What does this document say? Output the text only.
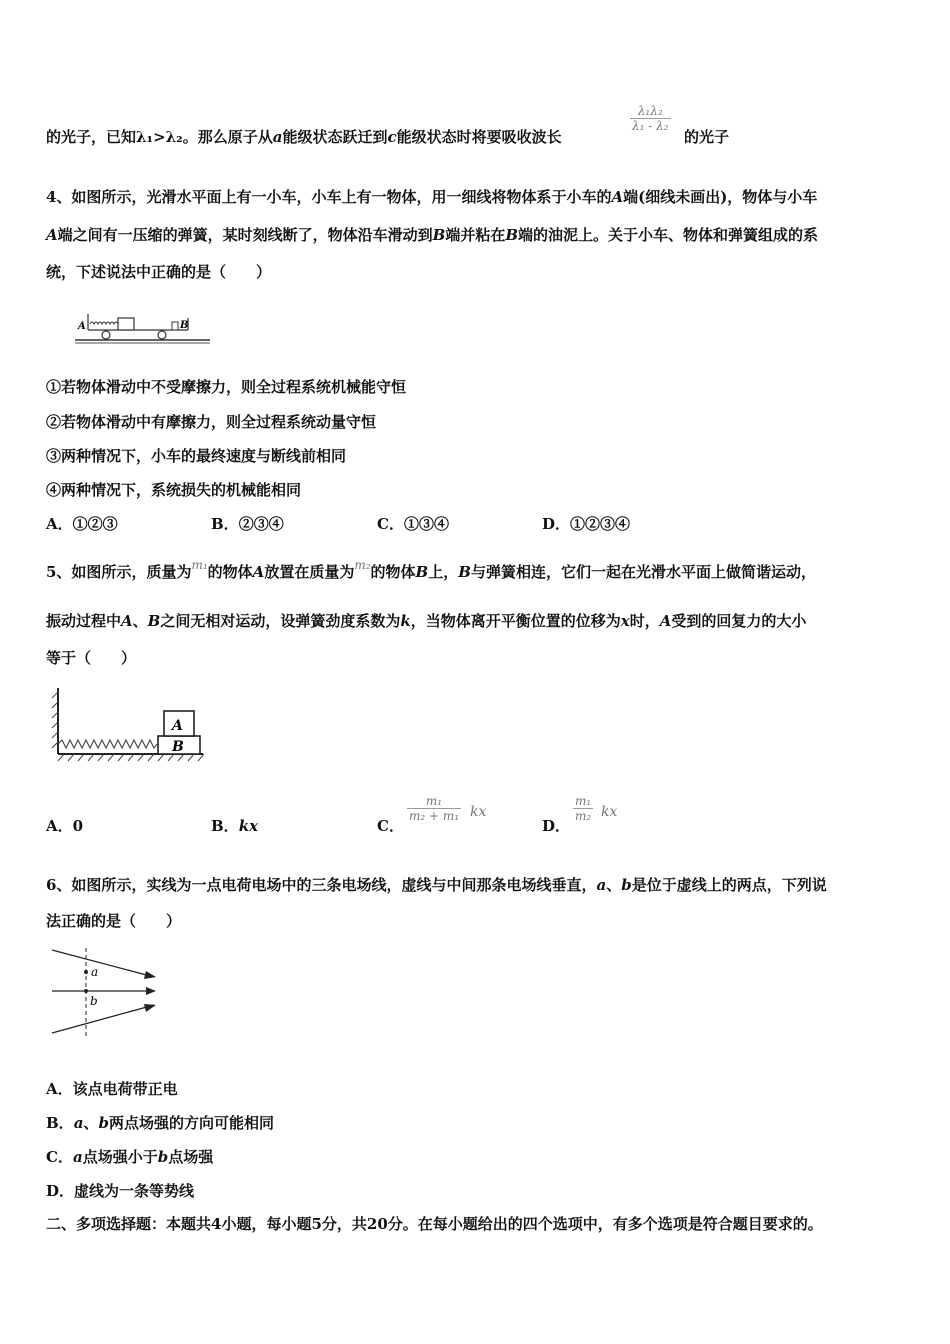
的光子，已知λ₁>λ₂。那么原子从a能级状态跃迁到c能级状态时将要吸收波长
$\frac{\text{λ₁λ₂}}{\text{λ₁ - λ₂}}$
的光子
4、如图所示，光滑水平面上有一小车，小车上有一物体，用一细线将物体系于小车的A端(细线未画出)，物体与小车
A端之间有一压缩的弹簧，某时刻线断了，物体沿车滑动到B端并粘在B端的油泥上。关于小车、物体和弹簧组成的系
统，下述说法中正确的是（　　）
A	B
①若物体滑动中不受摩擦力，则全过程系统机械能守恒
②若物体滑动中有摩擦力，则全过程系统动量守恒
③两种情况下，小车的最终速度与断线前相同
④两种情况下，系统损失的机械能相同
A．①②③	B．②③④	C．①③④	D．①②③④
5、如图所示，质量为$^{m_1}$的物体A放置在质量为$^{m_2}$的物体B上，B与弹簧相连，它们一起在光滑水平面上做简谐运动，
振动过程中A、B之间无相对运动，设弹簧劲度系数为k，当物体离开平衡位置的位移为x时，A受到的回复力的大小
等于（　　）
A
B
A．0	B．kx	C．
$\frac{\text{m₁}}{\text{m₂ + m₁}}$ kx
D．
$\frac{\text{m₁}}{\text{m₂}}$ kx
6、如图所示，实线为一点电荷电场中的三条电场线，虚线与中间那条电场线垂直，a、b是位于虚线上的两点，下列说
法正确的是（　　）
a
b
A．该点电荷带正电
B．a、b两点场强的方向可能相同
C．a点场强小于b点场强
D．虚线为一条等势线
二、多项选择题：本题共4小题，每小题5分，共20分。在每小题给出的四个选项中，有多个选项是符合题目要求的。
